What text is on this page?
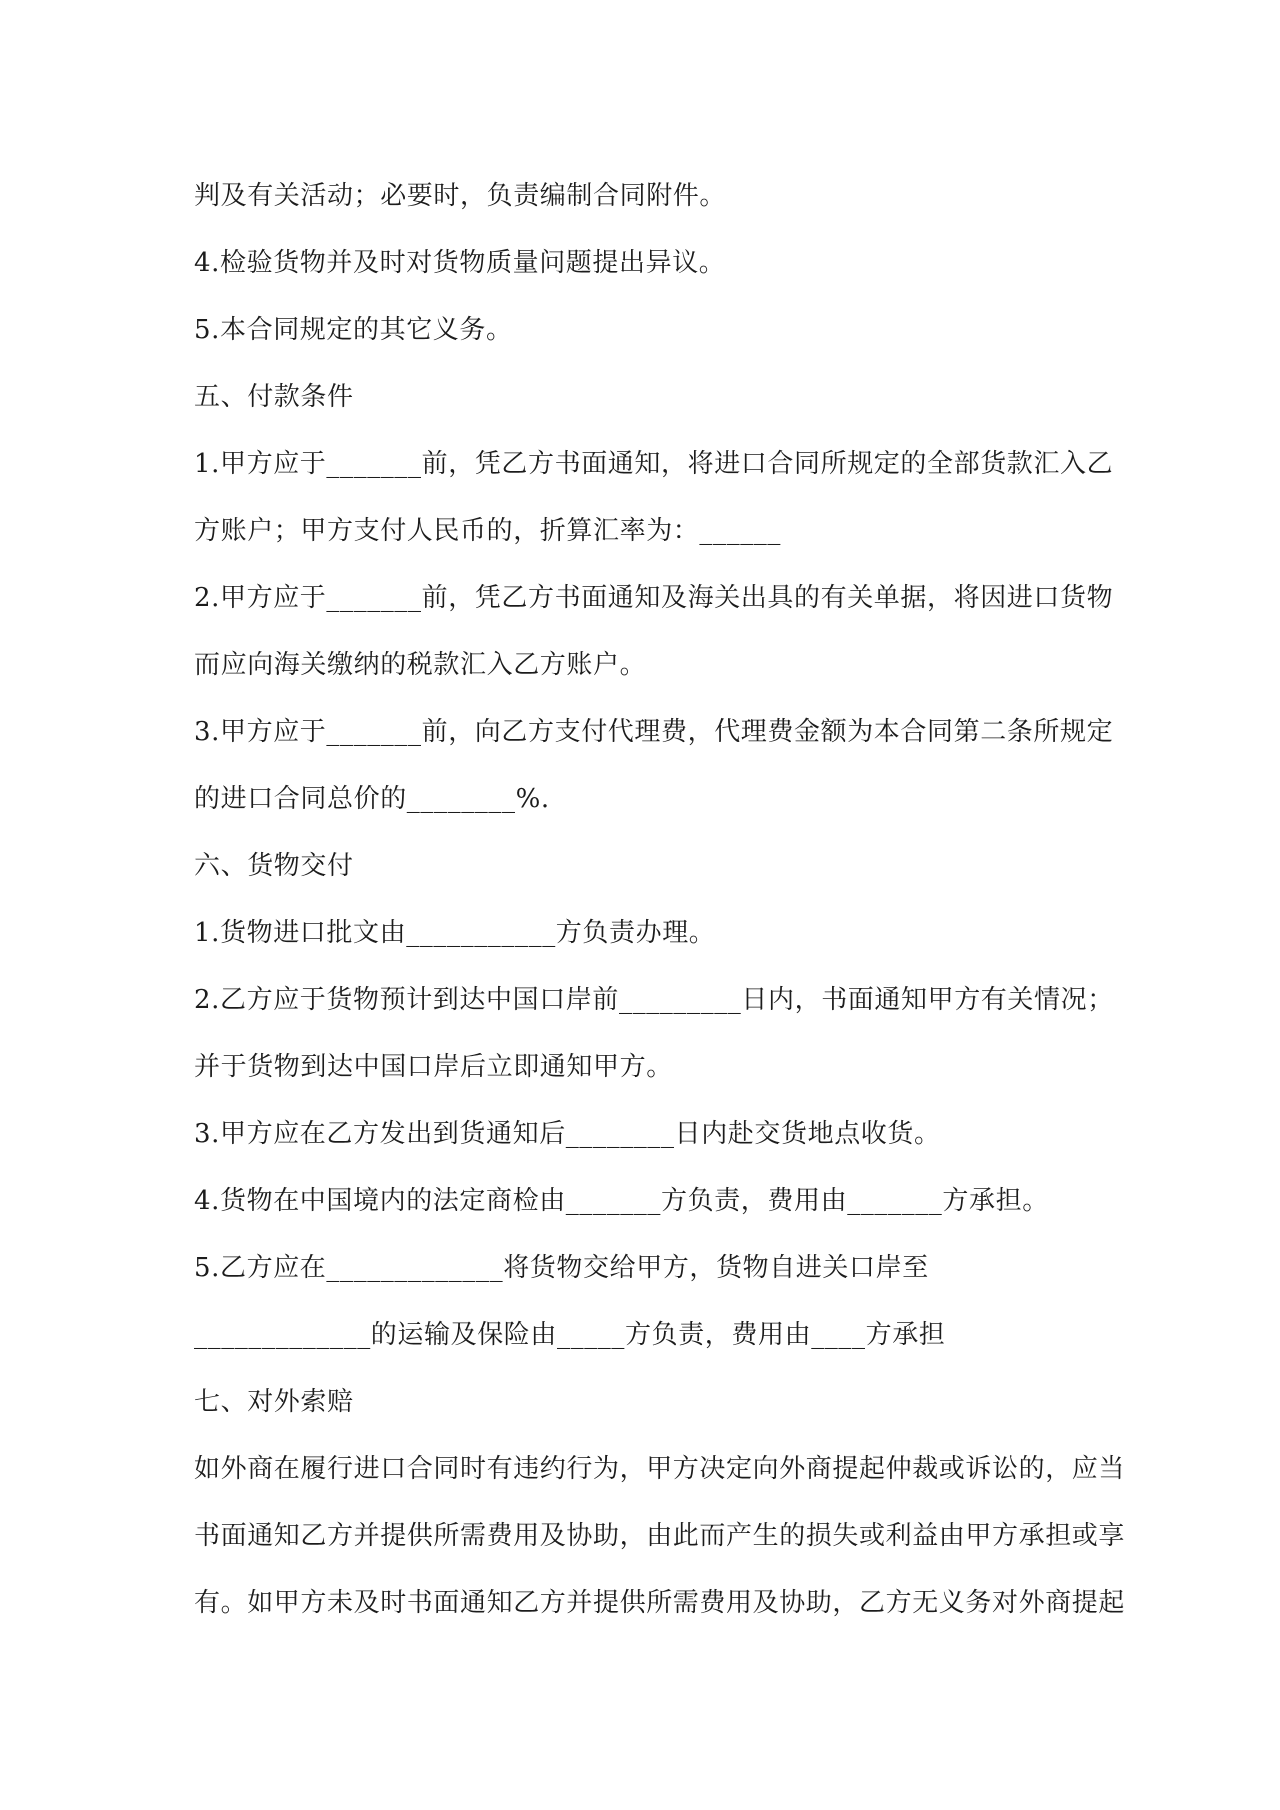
判及有关活动；必要时，负责编制合同附件。

4.检验货物并及时对货物质量问题提出异议。

5.本合同规定的其它义务。

五、付款条件

1.甲方应于_______前，凭乙方书面通知，将进口合同所规定的全部货款汇入乙

方账户；甲方支付人民币的，折算汇率为：______

2.甲方应于_______前，凭乙方书面通知及海关出具的有关单据，将因进口货物

而应向海关缴纳的税款汇入乙方账户。

3.甲方应于_______前，向乙方支付代理费，代理费金额为本合同第二条所规定

的进口合同总价的________%.

六、货物交付

1.货物进口批文由___________方负责办理。

2.乙方应于货物预计到达中国口岸前_________日内，书面通知甲方有关情况；

并于货物到达中国口岸后立即通知甲方。

3.甲方应在乙方发出到货通知后________日内赴交货地点收货。

4.货物在中国境内的法定商检由_______方负责，费用由_______方承担。

5.乙方应在_____________将货物交给甲方，货物自进关口岸至

_____________的运输及保险由_____方负责，费用由____方承担

七、对外索赔

如外商在履行进口合同时有违约行为，甲方决定向外商提起仲裁或诉讼的，应当

书面通知乙方并提供所需费用及协助，由此而产生的损失或利益由甲方承担或享

有。如甲方未及时书面通知乙方并提供所需费用及协助，乙方无义务对外商提起
